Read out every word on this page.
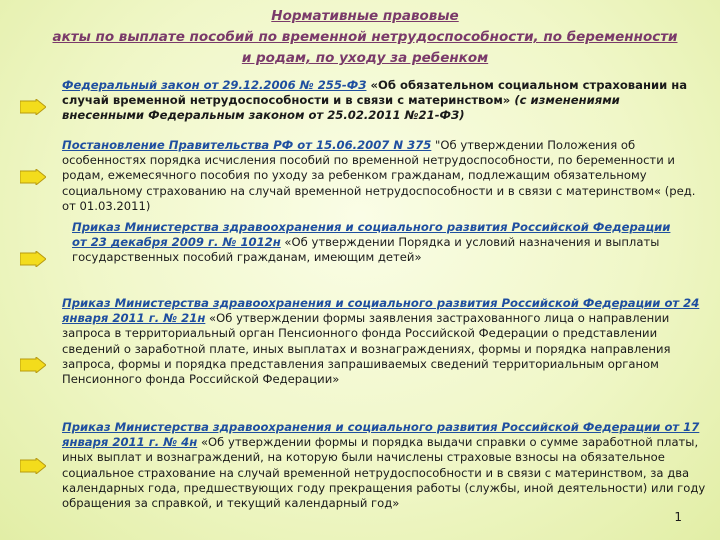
Нормативные правовые
акты по выплате пособий по временной нетрудоспособности, по беременности
и родам, по уходу за ребенком
Федеральный закон от 29.12.2006 № 255-ФЗ «Об обязательном социальном страховании на случай временной нетрудоспособности и в связи с материнством» (с изменениями внесенными Федеральным законом от 25.02.2011 №21-ФЗ)
Постановление Правительства РФ от 15.06.2007 N 375 "Об утверждении Положения об особенностях порядка исчисления пособий по временной нетрудоспособности, по беременности и родам, ежемесячного пособия по уходу за ребенком гражданам, подлежащим обязательному социальному страхованию на случай временной нетрудоспособности и в связи с материнством« (ред. от 01.03.2011)
Приказ Министерства здравоохранения и социального развития Российской Федерации от 23 декабря 2009 г. № 1012н «Об утверждении Порядка и условий назначения и выплаты государственных пособий гражданам, имеющим детей»
Приказ Министерства здравоохранения и социального развития Российской Федерации от 24 января 2011 г. № 21н «Об утверждении формы заявления застрахованного лица о направлении запроса в территориальный орган Пенсионного фонда Российской Федерации о представлении сведений о заработной плате, иных выплатах и вознаграждениях, формы и порядка направления запроса, формы и порядка представления запрашиваемых сведений территориальным органом Пенсионного фонда Российской Федерации»
Приказ Министерства здравоохранения и социального развития Российской Федерации от 17 января 2011 г. № 4н «Об утверждении формы и порядка выдачи справки о сумме заработной платы, иных выплат и вознаграждений, на которую были начислены страховые взносы на обязательное социальное страхование на случай временной нетрудоспособности и в связи с материнством, за два календарных года, предшествующих году прекращения работы (службы, иной деятельности) или году обращения за справкой, и текущий календарный год»
1
